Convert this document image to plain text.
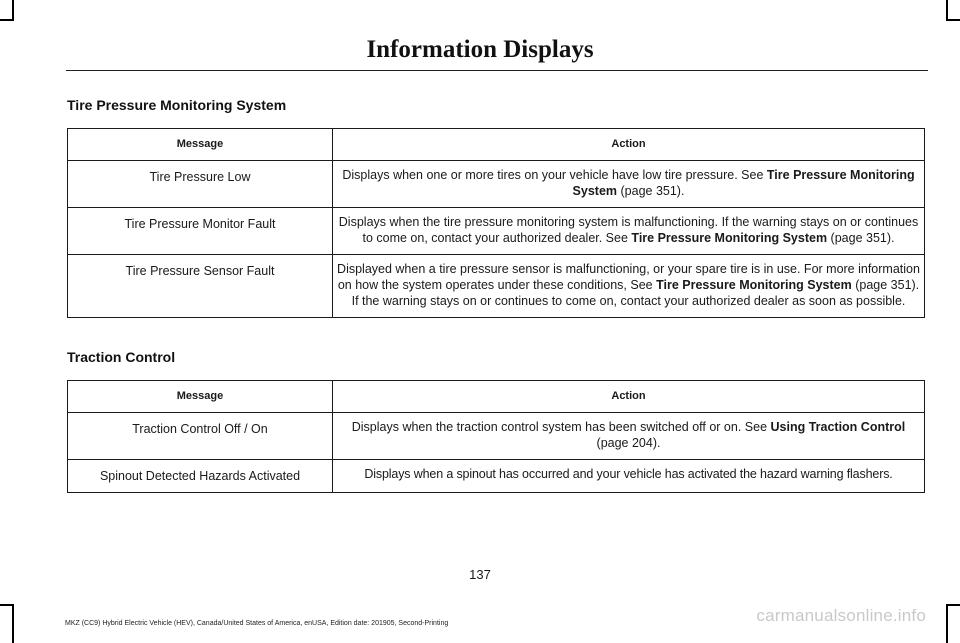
Information Displays
Tire Pressure Monitoring System
Message	Action
Tire Pressure Low	Displays when one or more tires on your vehicle have low tire pressure. See Tire Pressure Monitoring System (page 351).
Tire Pressure Monitor Fault	Displays when the tire pressure monitoring system is malfunctioning. If the warning stays on or continues to come on, contact your authorized dealer. See Tire Pressure Monitoring System (page 351).
Tire Pressure Sensor Fault	Displayed when a tire pressure sensor is malfunctioning, or your spare tire is in use. For more information on how the system operates under these conditions, See Tire Pressure Monitoring System (page 351). If the warning stays on or continues to come on, contact your authorized dealer as soon as possible.
Traction Control
Message	Action
Traction Control Off / On	Displays when the traction control system has been switched off or on. See Using Traction Control (page 204).
Spinout Detected Hazards Activated	Displays when a spinout has occurred and your vehicle has activated the hazard warning flashers.
137
MKZ (CC9) Hybrid Electric Vehicle (HEV), Canada/United States of America, enUSA, Edition date: 201905, Second-Printing	carmanualsonline.info
